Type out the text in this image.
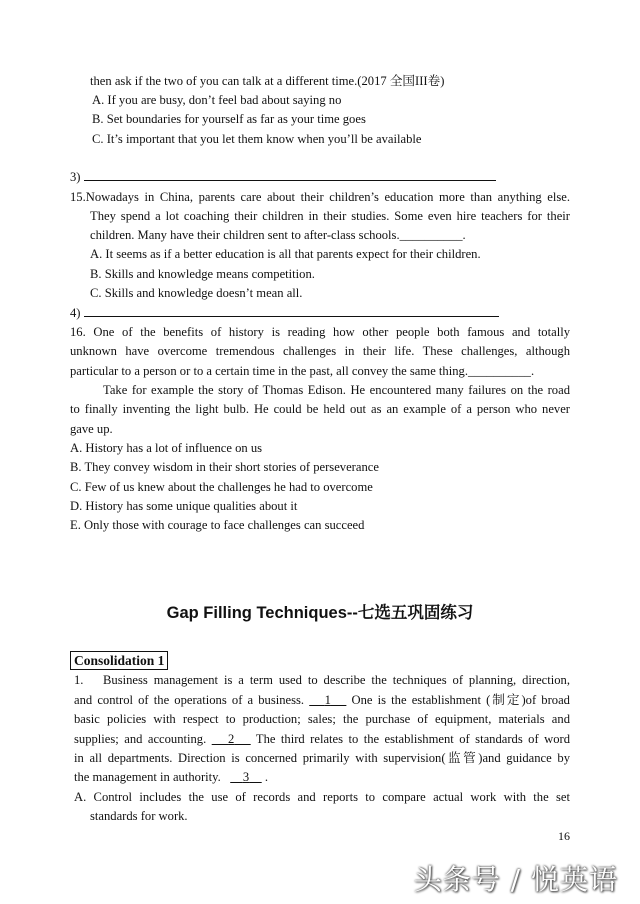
then ask if the two of you can talk at a different time.(2017 全国III卷)
A. If you are busy, don’t feel bad about saying no
B. Set boundaries for yourself as far as your time goes
C. It’s important that you let them know when you’ll be available
3)
15.Nowadays in China, parents care about their children’s education more than anything else.
They spend a lot coaching their children in their studies. Some even hire teachers for their
children. Many have their children sent to after-class schools.__________.
A. It seems as if a better education is all that parents expect for their children.
B. Skills and knowledge means competition.
C. Skills and knowledge doesn’t mean all.
4)
16. One of the benefits of history is reading how other people both famous and totally
unknown have overcome tremendous challenges in their life. These challenges, although
particular to a person or to a certain time in the past, all convey the same thing.__________.
Take for example the story of Thomas Edison. He encountered many failures on the road
to finally inventing the light bulb. He could be held out as an example of a person who never
gave up.
A. History has a lot of influence on us
B. They convey wisdom in their short stories of perseverance
C. Few of us knew about the challenges he had to overcome
D. History has some unique qualities about it
E. Only those with courage to face challenges can succeed
Gap Filling Techniques--七选五巩固练习
Consolidation 1
1. Business management is a term used to describe the techniques of planning, direction,
and control of the operations of a business. 1 One is the establishment (制定)of broad
basic policies with respect to production; sales; the purchase of equipment, materials and
supplies; and accounting. 2 The third relates to the establishment of standards of word
in all departments. Direction is concerned primarily with supervision(监管)and guidance by
the management in authority. 3 .
A. Control includes the use of records and reports to compare actual work with the set
standards for work.
16
头条号 / 悦英语
